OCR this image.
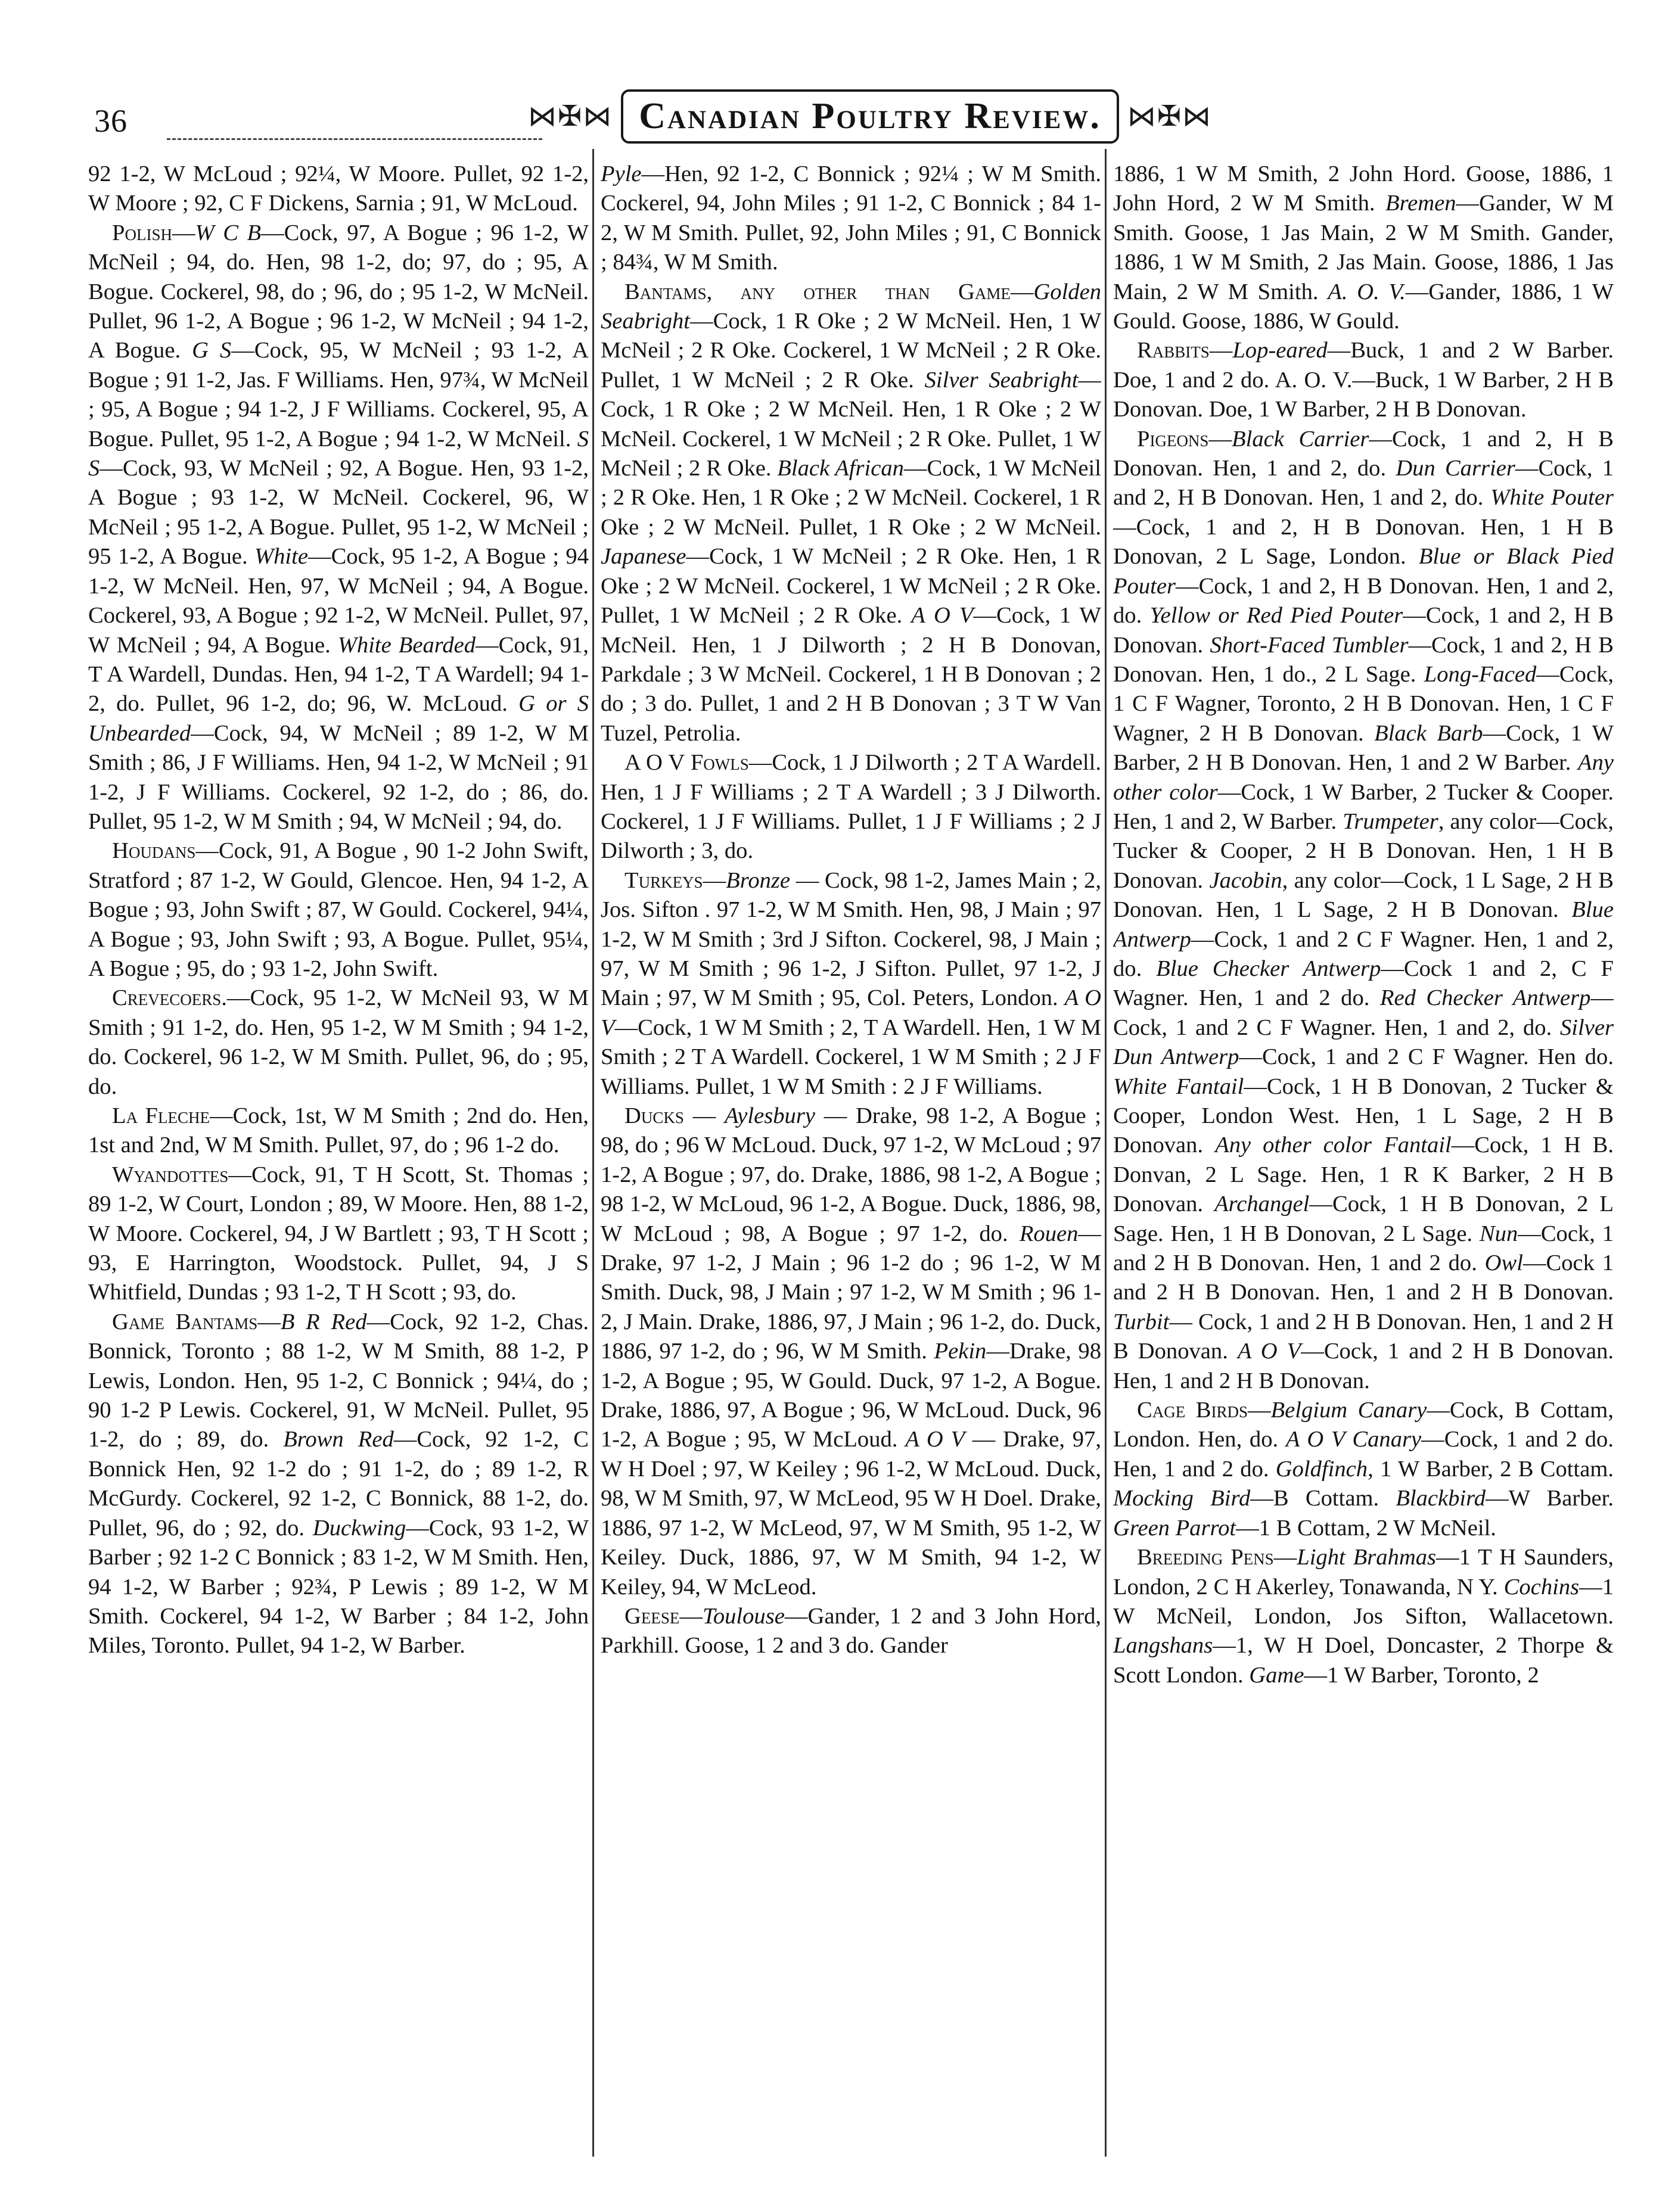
36	⋈✠⋈ Canadian Poultry Review. ⋈✠⋈

92 1-2, W McLoud ; 92¼, W Moore. Pullet, 92 1-2, W Moore ; 92, C F Dickens, Sarnia ; 91, W McLoud.

Polish—W C B—Cock, 97, A Bogue ; 96 1-2, W McNeil ; 94, do. Hen, 98 1-2, do; 97, do ; 95, A Bogue. Cockerel, 98, do ; 96, do ; 95 1-2, W McNeil. Pullet, 96 1-2, A Bogue ; 96 1-2, W McNeil ; 94 1-2, A Bogue. G S—Cock, 95, W McNeil ; 93 1-2, A Bogue ; 91 1-2, Jas. F Williams. Hen, 97¾, W McNeil ; 95, A Bogue ; 94 1-2, J F Williams. Cockerel, 95, A Bogue. Pullet, 95 1-2, A Bogue ; 94 1-2, W McNeil. S S—Cock, 93, W McNeil ; 92, A Bogue. Hen, 93 1-2, A Bogue ; 93 1-2, W McNeil. Cockerel, 96, W McNeil ; 95 1-2, A Bogue. Pullet, 95 1-2, W McNeil ; 95 1-2, A Bogue. White—Cock, 95 1-2, A Bogue ; 94 1-2, W McNeil. Hen, 97, W McNeil ; 94, A Bogue. Cockerel, 93, A Bogue ; 92 1-2, W McNeil. Pullet, 97, W McNeil ; 94, A Bogue. White Bearded—Cock, 91, T A Wardell, Dundas. Hen, 94 1-2, T A Wardell; 94 1-2, do. Pullet, 96 1-2, do; 96, W. McLoud. G or S Unbearded—Cock, 94, W McNeil ; 89 1-2, W M Smith ; 86, J F Williams. Hen, 94 1-2, W McNeil ; 91 1-2, J F Williams. Cockerel, 92 1-2, do ; 86, do. Pullet, 95 1-2, W M Smith ; 94, W McNeil ; 94, do.

Houdans—Cock, 91, A Bogue , 90 1-2 John Swift, Stratford ; 87 1-2, W Gould, Glencoe. Hen, 94 1-2, A Bogue ; 93, John Swift ; 87, W Gould. Cockerel, 94¼, A Bogue ; 93, John Swift ; 93, A Bogue. Pullet, 95¼, A Bogue ; 95, do ; 93 1-2, John Swift.

Crevecoers.—Cock, 95 1-2, W McNeil 93, W M Smith ; 91 1-2, do. Hen, 95 1-2, W M Smith ; 94 1-2, do. Cockerel, 96 1-2, W M Smith. Pullet, 96, do ; 95, do.

La Fleche—Cock, 1st, W M Smith ; 2nd do. Hen, 1st and 2nd, W M Smith. Pullet, 97, do ; 96 1-2 do.

Wyandottes—Cock, 91, T H Scott, St. Thomas ; 89 1-2, W Court, London ; 89, W Moore. Hen, 88 1-2, W Moore. Cockerel, 94, J W Bartlett ; 93, T H Scott ; 93, E Harrington, Woodstock. Pullet, 94, J S Whitfield, Dundas ; 93 1-2, T H Scott ; 93, do.

Game Bantams—B R Red—Cock, 92 1-2, Chas. Bonnick, Toronto ; 88 1-2, W M Smith, 88 1-2, P Lewis, London. Hen, 95 1-2, C Bonnick ; 94¼, do ; 90 1-2 P Lewis. Cockerel, 91, W McNeil. Pullet, 95 1-2, do ; 89, do. Brown Red—Cock, 92 1-2, C Bonnick Hen, 92 1-2 do ; 91 1-2, do ; 89 1-2, R McGurdy. Cockerel, 92 1-2, C Bonnick, 88 1-2, do. Pullet, 96, do ; 92, do. Duckwing—Cock, 93 1-2, W Barber ; 92 1-2 C Bonnick ; 83 1-2, W M Smith. Hen, 94 1-2, W Barber ; 92¾, P Lewis ; 89 1-2, W M Smith. Cockerel, 94 1-2, W Barber ; 84 1-2, John Miles, Toronto. Pullet, 94 1-2, W Barber.

Pyle—Hen, 92 1-2, C Bonnick ; 92¼ ; W M Smith. Cockerel, 94, John Miles ; 91 1-2, C Bonnick ; 84 1-2, W M Smith. Pullet, 92, John Miles ; 91, C Bonnick ; 84¾, W M Smith.

Bantams, any other than Game—Golden Seabright—Cock, 1 R Oke ; 2 W McNeil. Hen, 1 W McNeil ; 2 R Oke. Cockerel, 1 W McNeil ; 2 R Oke. Pullet, 1 W McNeil ; 2 R Oke. Silver Seabright—Cock, 1 R Oke ; 2 W McNeil. Hen, 1 R Oke ; 2 W McNeil. Cockerel, 1 W McNeil ; 2 R Oke. Pullet, 1 W McNeil ; 2 R Oke. Black African—Cock, 1 W McNeil ; 2 R Oke. Hen, 1 R Oke ; 2 W McNeil. Cockerel, 1 R Oke ; 2 W McNeil. Pullet, 1 R Oke ; 2 W McNeil. Japanese—Cock, 1 W McNeil ; 2 R Oke. Hen, 1 R Oke ; 2 W McNeil. Cockerel, 1 W McNeil ; 2 R Oke. Pullet, 1 W McNeil ; 2 R Oke. A O V—Cock, 1 W McNeil. Hen, 1 J Dilworth ; 2 H B Donovan, Parkdale ; 3 W McNeil. Cockerel, 1 H B Donovan ; 2 do ; 3 do. Pullet, 1 and 2 H B Donovan ; 3 T W Van Tuzel, Petrolia.

A O V Fowls—Cock, 1 J Dilworth ; 2 T A Wardell. Hen, 1 J F Williams ; 2 T A Wardell ; 3 J Dilworth. Cockerel, 1 J F Williams. Pullet, 1 J F Williams ; 2 J Dilworth ; 3, do.

Turkeys—Bronze — Cock, 98 1-2, James Main ; 2, Jos. Sifton . 97 1-2, W M Smith. Hen, 98, J Main ; 97 1-2, W M Smith ; 3rd J Sifton. Cockerel, 98, J Main ; 97, W M Smith ; 96 1-2, J Sifton. Pullet, 97 1-2, J Main ; 97, W M Smith ; 95, Col. Peters, London. A O V—Cock, 1 W M Smith ; 2, T A Wardell. Hen, 1 W M Smith ; 2 T A Wardell. Cockerel, 1 W M Smith ; 2 J F Williams. Pullet, 1 W M Smith : 2 J F Williams.

Ducks — Aylesbury — Drake, 98 1-2, A Bogue ; 98, do ; 96 W McLoud. Duck, 97 1-2, W McLoud ; 97 1-2, A Bogue ; 97, do. Drake, 1886, 98 1-2, A Bogue ; 98 1-2, W McLoud, 96 1-2, A Bogue. Duck, 1886, 98, W McLoud ; 98, A Bogue ; 97 1-2, do. Rouen—Drake, 97 1-2, J Main ; 96 1-2 do ; 96 1-2, W M Smith. Duck, 98, J Main ; 97 1-2, W M Smith ; 96 1-2, J Main. Drake, 1886, 97, J Main ; 96 1-2, do. Duck, 1886, 97 1-2, do ; 96, W M Smith. Pekin—Drake, 98 1-2, A Bogue ; 95, W Gould. Duck, 97 1-2, A Bogue. Drake, 1886, 97, A Bogue ; 96, W McLoud. Duck, 96 1-2, A Bogue ; 95, W McLoud. A O V — Drake, 97, W H Doel ; 97, W Keiley ; 96 1-2, W McLoud. Duck, 98, W M Smith, 97, W McLeod, 95 W H Doel. Drake, 1886, 97 1-2, W McLeod, 97, W M Smith, 95 1-2, W Keiley. Duck, 1886, 97, W M Smith, 94 1-2, W Keiley, 94, W McLeod.

Geese—Toulouse—Gander, 1 2 and 3 John Hord, Parkhill. Goose, 1 2 and 3 do. Gander

1886, 1 W M Smith, 2 John Hord. Goose, 1886, 1 John Hord, 2 W M Smith. Bremen—Gander, W M Smith. Goose, 1 Jas Main, 2 W M Smith. Gander, 1886, 1 W M Smith, 2 Jas Main. Goose, 1886, 1 Jas Main, 2 W M Smith. A. O. V.—Gander, 1886, 1 W Gould. Goose, 1886, W Gould.

Rabbits—Lop-eared—Buck, 1 and 2 W Barber. Doe, 1 and 2 do. A. O. V.—Buck, 1 W Barber, 2 H B Donovan. Doe, 1 W Barber, 2 H B Donovan.

Pigeons—Black Carrier—Cock, 1 and 2, H B Donovan. Hen, 1 and 2, do. Dun Carrier—Cock, 1 and 2, H B Donovan. Hen, 1 and 2, do. White Pouter—Cock, 1 and 2, H B Donovan. Hen, 1 H B Donovan, 2 L Sage, London. Blue or Black Pied Pouter—Cock, 1 and 2, H B Donovan. Hen, 1 and 2, do. Yellow or Red Pied Pouter—Cock, 1 and 2, H B Donovan. Short-Faced Tumbler—Cock, 1 and 2, H B Donovan. Hen, 1 do., 2 L Sage. Long-Faced—Cock, 1 C F Wagner, Toronto, 2 H B Donovan. Hen, 1 C F Wagner, 2 H B Donovan. Black Barb—Cock, 1 W Barber, 2 H B Donovan. Hen, 1 and 2 W Barber. Any other color—Cock, 1 W Barber, 2 Tucker & Cooper. Hen, 1 and 2, W Barber. Trumpeter, any color—Cock, Tucker & Cooper, 2 H B Donovan. Hen, 1 H B Donovan. Jacobin, any color—Cock, 1 L Sage, 2 H B Donovan. Hen, 1 L Sage, 2 H B Donovan. Blue Antwerp—Cock, 1 and 2 C F Wagner. Hen, 1 and 2, do. Blue Checker Antwerp—Cock 1 and 2, C F Wagner. Hen, 1 and 2 do. Red Checker Antwerp—Cock, 1 and 2 C F Wagner. Hen, 1 and 2, do. Silver Dun Antwerp—Cock, 1 and 2 C F Wagner. Hen do. White Fantail—Cock, 1 H B Donovan, 2 Tucker & Cooper, London West. Hen, 1 L Sage, 2 H B Donovan. Any other color Fantail—Cock, 1 H B. Donvan, 2 L Sage. Hen, 1 R K Barker, 2 H B Donovan. Archangel—Cock, 1 H B Donovan, 2 L Sage. Hen, 1 H B Donovan, 2 L Sage. Nun—Cock, 1 and 2 H B Donovan. Hen, 1 and 2 do. Owl—Cock 1 and 2 H B Donovan. Hen, 1 and 2 H B Donovan. Turbit— Cock, 1 and 2 H B Donovan. Hen, 1 and 2 H B Donovan. A O V—Cock, 1 and 2 H B Donovan. Hen, 1 and 2 H B Donovan.

Cage Birds—Belgium Canary—Cock, B Cottam, London. Hen, do. A O V Canary—Cock, 1 and 2 do. Hen, 1 and 2 do. Goldfinch, 1 W Barber, 2 B Cottam. Mocking Bird—B Cottam. Blackbird—W Barber. Green Parrot—1 B Cottam, 2 W McNeil.

Breeding Pens—Light Brahmas—1 T H Saunders, London, 2 C H Akerley, Tonawanda, N Y. Cochins—1 W McNeil, London, Jos Sifton, Wallacetown. Langshans—1, W H Doel, Doncaster, 2 Thorpe & Scott London. Game—1 W Barber, Toronto, 2
